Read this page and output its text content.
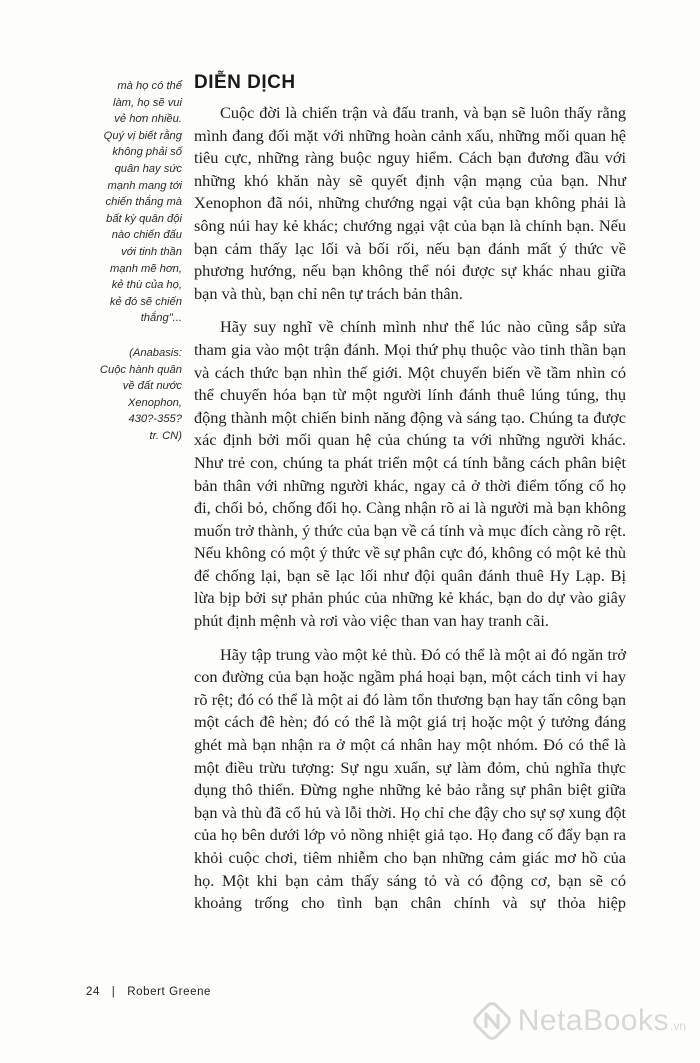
mà họ có thể
làm, họ sẽ vui
vẻ hơn nhiều.
Quý vị biết rằng
không phải số
quân hay sức
mạnh mang tới
chiến thắng mà
bất kỳ quân đội
nào chiến đấu
với tinh thần
mạnh mẽ hơn,
kẻ thù của họ,
kẻ đó sẽ chiến
thắng"...

(Anabasis:
Cuộc hành quân
về đất nước
Xenophon,
430?-355?
tr. CN)

DIỄN DỊCH

Cuộc đời là chiến trận và đấu tranh, và bạn sẽ luôn thấy rằng mình đang đối mặt với những hoàn cảnh xấu, những mối quan hệ tiêu cực, những ràng buộc nguy hiểm. Cách bạn đương đầu với những khó khăn này sẽ quyết định vận mạng của bạn. Như Xenophon đã nói, những chướng ngại vật của bạn không phải là sông núi hay kẻ khác; chướng ngại vật của bạn là chính bạn. Nếu bạn cảm thấy lạc lối và bối rối, nếu bạn đánh mất ý thức về phương hướng, nếu bạn không thể nói được sự khác nhau giữa bạn và thù, bạn chỉ nên tự trách bản thân.

Hãy suy nghĩ về chính mình như thể lúc nào cũng sắp sửa tham gia vào một trận đánh. Mọi thứ phụ thuộc vào tinh thần bạn và cách thức bạn nhìn thế giới. Một chuyển biến về tầm nhìn có thể chuyển hóa bạn từ một người lính đánh thuê lúng túng, thụ động thành một chiến binh năng động và sáng tạo. Chúng ta được xác định bởi mối quan hệ của chúng ta với những người khác. Như trẻ con, chúng ta phát triển một cá tính bằng cách phân biệt bản thân với những người khác, ngay cả ở thời điểm tống cổ họ đi, chối bỏ, chống đối họ. Càng nhận rõ ai là người mà bạn không muốn trở thành, ý thức của bạn về cá tính và mục đích càng rõ rệt. Nếu không có một ý thức về sự phân cực đó, không có một kẻ thù để chống lại, bạn sẽ lạc lối như đội quân đánh thuê Hy Lạp. Bị lừa bịp bởi sự phản phúc của những kẻ khác, bạn do dự vào giây phút định mệnh và rơi vào việc than van hay tranh cãi.

Hãy tập trung vào một kẻ thù. Đó có thể là một ai đó ngăn trở con đường của bạn hoặc ngầm phá hoại bạn, một cách tinh vi hay rõ rệt; đó có thể là một ai đó làm tổn thương bạn hay tấn công bạn một cách đê hèn; đó có thể là một giá trị hoặc một ý tưởng đáng ghét mà bạn nhận ra ở một cá nhân hay một nhóm. Đó có thể là một điều trừu tượng: Sự ngu xuẩn, sự làm đỏm, chủ nghĩa thực dụng thô thiển. Đừng nghe những kẻ bảo rằng sự phân biệt giữa bạn và thù đã cổ hủ và lỗi thời. Họ chỉ che đậy cho sự sợ xung đột của họ bên dưới lớp vỏ nồng nhiệt giả tạo. Họ đang cố đẩy bạn ra khỏi cuộc chơi, tiêm nhiễm cho bạn những cảm giác mơ hồ của họ. Một khi bạn cảm thấy sáng tỏ và có động cơ, bạn sẽ có khoảng trống cho tình bạn chân chính và sự thỏa hiệp

24 | Robert Greene
NetaBooks .vn
